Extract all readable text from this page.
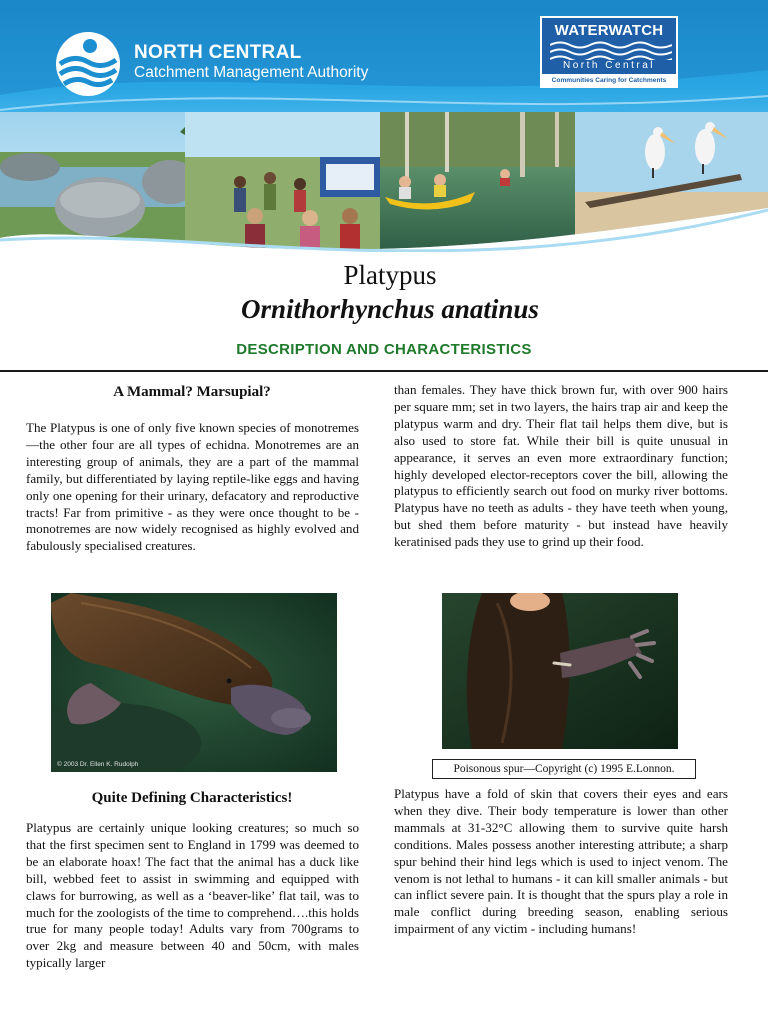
NORTH CENTRAL
Catchment Management Authority
WATERWATCH
North Central
Communities Caring for Catchments
Platypus
Ornithorhynchus anatinus
DESCRIPTION AND CHARACTERISTICS
A Mammal? Marsupial?
The Platypus is one of only five known species of monotremes—the other four are all types of echidna. Monotremes are an interesting group of animals, they are a part of the mammal family, but differentiated by laying reptile-like eggs and having only one opening for their urinary, defacatory and reproductive tracts! Far from primitive - as they were once thought to be - monotremes are now widely recognised as highly evolved and fabulously specialised creatures.
© 2003 Dr. Ellen K. Rudolph
Quite Defining Characteristics!
Platypus are certainly unique looking creatures; so much so that the first specimen sent to England in 1799 was deemed to be an elaborate hoax! The fact that the animal has a duck like bill, webbed feet to assist in swimming and equipped with claws for burrowing, as well as a ‘beaver-like’ flat tail, was to much for the zoologists of the time to comprehend….this holds true for many people today! Adults vary from 700grams to over 2kg and measure between 40 and 50cm, with males typically larger
than females. They have thick brown fur, with over 900 hairs per square mm; set in two layers, the hairs trap air and keep the platypus warm and dry. Their flat tail helps them dive, but is also used to store fat. While their bill is quite unusual in appearance, it serves an even more extraordinary function; highly developed elector-receptors cover the bill, allowing the platypus to efficiently search out food on murky river bottoms. Platypus have no teeth as adults - they have teeth when young, but shed them before maturity - but instead have heavily keratinised pads they use to grind up their food.
Poisonous spur—Copyright (c) 1995 E.Lonnon.
Platypus have a fold of skin that covers their eyes and ears when they dive. Their body temperature is lower than other mammals at 31-32°C allowing them to survive quite harsh conditions. Males possess another interesting attribute; a sharp spur behind their hind legs which is used to inject venom. The venom is not lethal to humans - it can kill smaller animals - but can inflict severe pain. It is thought that the spurs play a role in male conflict during breeding season, enabling serious impairment of any victim - including humans!
